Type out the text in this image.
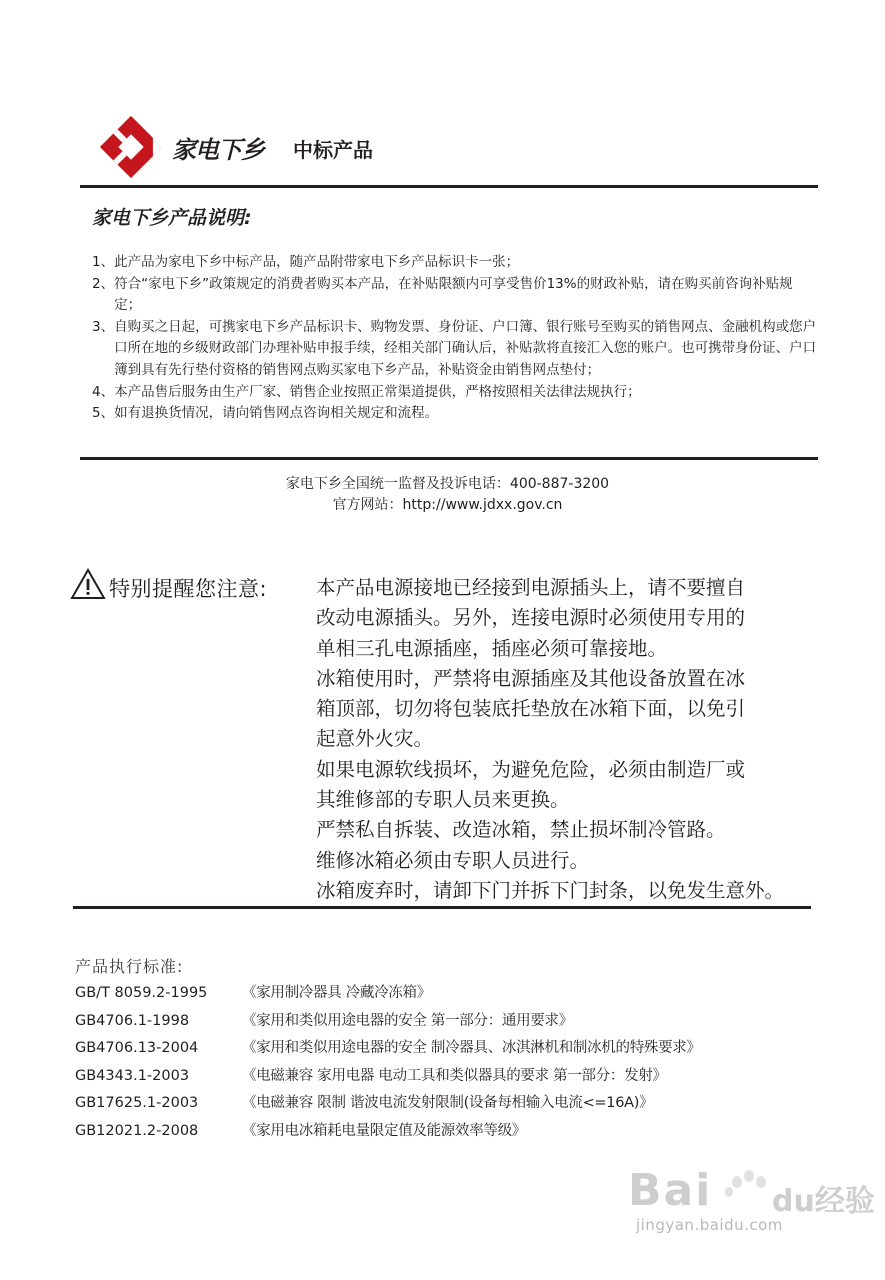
家电下乡 中标产品
家电下乡产品说明:
1、 此产品为家电下乡中标产品，随产品附带家电下乡产品标识卡一张；
2、 符合“家电下乡”政策规定的消费者购买本产品，在补贴限额内可享受售价13%的财政补贴，请在购买前咨询补贴规定；
3、 自购买之日起，可携家电下乡产品标识卡、购物发票、身份证、户口簿、银行账号至购买的销售网点、金融机构或您户口所在地的乡级财政部门办理补贴申报手续，经相关部门确认后，补贴款将直接汇入您的账户。也可携带身份证、户口簿到具有先行垫付资格的销售网点购买家电下乡产品，补贴资金由销售网点垫付；
4、 本产品售后服务由生产厂家、销售企业按照正常渠道提供，严格按照相关法律法规执行；
5、 如有退换货情况，请向销售网点咨询相关规定和流程。
家电下乡全国统一监督及投诉电话：400-887-3200
官方网站：http://www.jdxx.gov.cn
特别提醒您注意:	本产品电源接地已经接到电源插头上，请不要擅自
改动电源插头。另外，连接电源时必须使用专用的
单相三孔电源插座，插座必须可靠接地。
冰箱使用时，严禁将电源插座及其他设备放置在冰
箱顶部，切勿将包装底托垫放在冰箱下面，以免引
起意外火灾。
如果电源软线损坏，为避免危险，必须由制造厂或
其维修部的专职人员来更换。
严禁私自拆装、改造冰箱，禁止损坏制冷管路。
维修冰箱必须由专职人员进行。
冰箱废弃时，请卸下门并拆下门封条，以免发生意外。
产品执行标准:
GB/T 8059.2-1995	《家用制冷器具 冷藏冷冻箱》
GB4706.1-1998	《家用和类似用途电器的安全 第一部分：通用要求》
GB4706.13-2004	《家用和类似用途电器的安全 制冷器具、冰淇淋机和制冰机的特殊要求》
GB4343.1-2003	《电磁兼容 家用电器 电动工具和类似器具的要求 第一部分：发射》
GB17625.1-2003	《电磁兼容 限制 谐波电流发射限制(设备每相输入电流<=16A)》
GB12021.2-2008	《家用电冰箱耗电量限定值及能源效率等级》
Bai du经验
jingyan.baidu.com
